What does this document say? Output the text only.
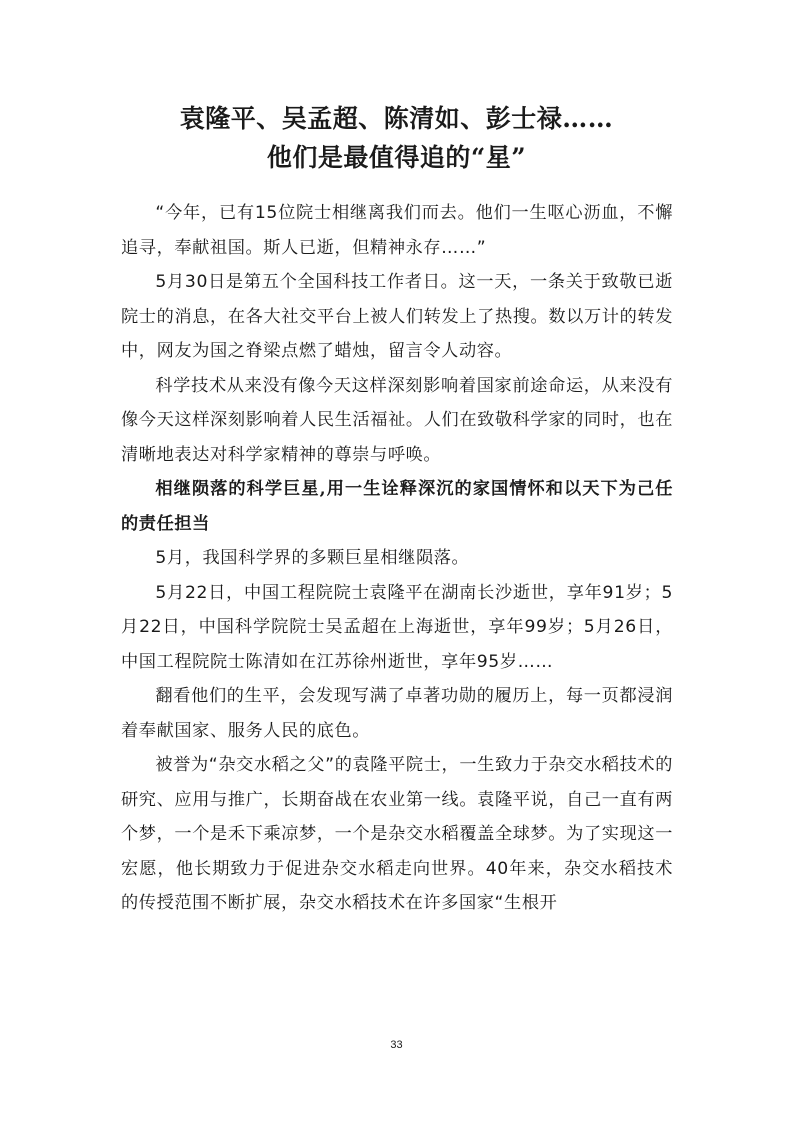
袁隆平、吴孟超、陈清如、彭士禄……
他们是最值得追的“星”

“今年，已有15位院士相继离我们而去。他们一生呕心沥血，不懈追寻，奉献祖国。斯人已逝，但精神永存……”

5月30日是第五个全国科技工作者日。这一天，一条关于致敬已逝院士的消息，在各大社交平台上被人们转发上了热搜。数以万计的转发中，网友为国之脊梁点燃了蜡烛，留言令人动容。

科学技术从来没有像今天这样深刻影响着国家前途命运，从来没有像今天这样深刻影响着人民生活福祉。人们在致敬科学家的同时，也在清晰地表达对科学家精神的尊崇与呼唤。

相继陨落的科学巨星,用一生诠释深沉的家国情怀和以天下为己任的责任担当

5月，我国科学界的多颗巨星相继陨落。

5月22日，中国工程院院士袁隆平在湖南长沙逝世，享年91岁；5月22日，中国科学院院士吴孟超在上海逝世，享年99岁；5月26日，中国工程院院士陈清如在江苏徐州逝世，享年95岁……

翻看他们的生平，会发现写满了卓著功勋的履历上，每一页都浸润着奉献国家、服务人民的底色。

被誉为“杂交水稻之父”的袁隆平院士，一生致力于杂交水稻技术的研究、应用与推广，长期奋战在农业第一线。袁隆平说，自己一直有两个梦，一个是禾下乘凉梦，一个是杂交水稻覆盖全球梦。为了实现这一宏愿，他长期致力于促进杂交水稻走向世界。40年来，杂交水稻技术的传授范围不断扩展，杂交水稻技术在许多国家“生根开

33
